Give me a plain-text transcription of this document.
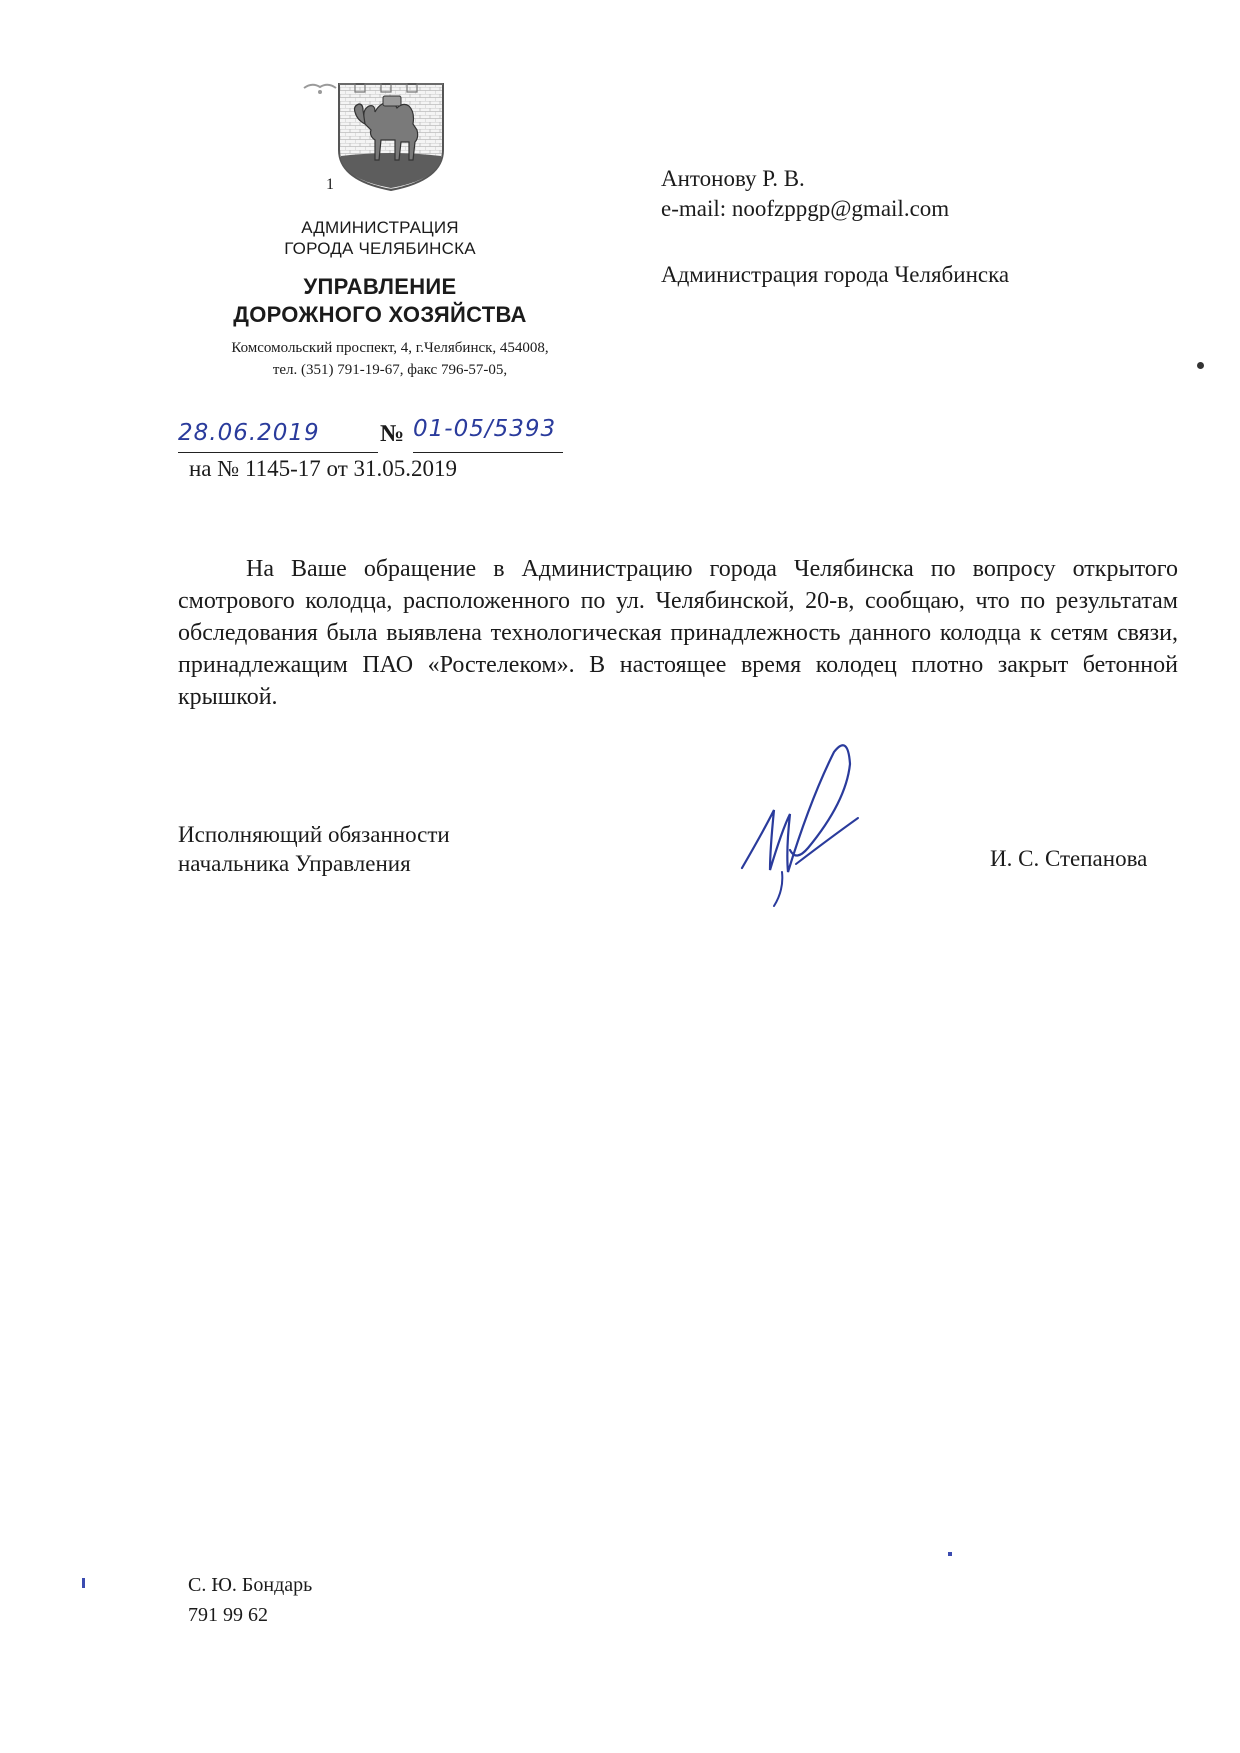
1
АДМИНИСТРАЦИЯ
ГОРОДА ЧЕЛЯБИНСКА
УПРАВЛЕНИЕ
ДОРОЖНОГО ХОЗЯЙСТВА
Комсомольский проспект, 4, г.Челябинск, 454008,
тел. (351) 791-19-67, факс 796-57-05,
28.06.2019	№ 01-05/5393
на № 1145-17 от 31.05.2019
Антонову Р. В.
e-mail: noofzppgp@gmail.com
Администрация города Челябинска
На Ваше обращение в Администрацию города Челябинска по вопросу открытого смотрового колодца, расположенного по ул. Челябинской, 20-в, сообщаю, что по результатам обследования была выявлена технологическая принадлежность данного колодца к сетям связи, принадлежащим ПАО «Ростелеком». В настоящее время колодец плотно закрыт бетонной крышкой.
Исполняющий обязанности
начальника Управления	И. С. Степанова
С. Ю. Бондарь
791 99 62
